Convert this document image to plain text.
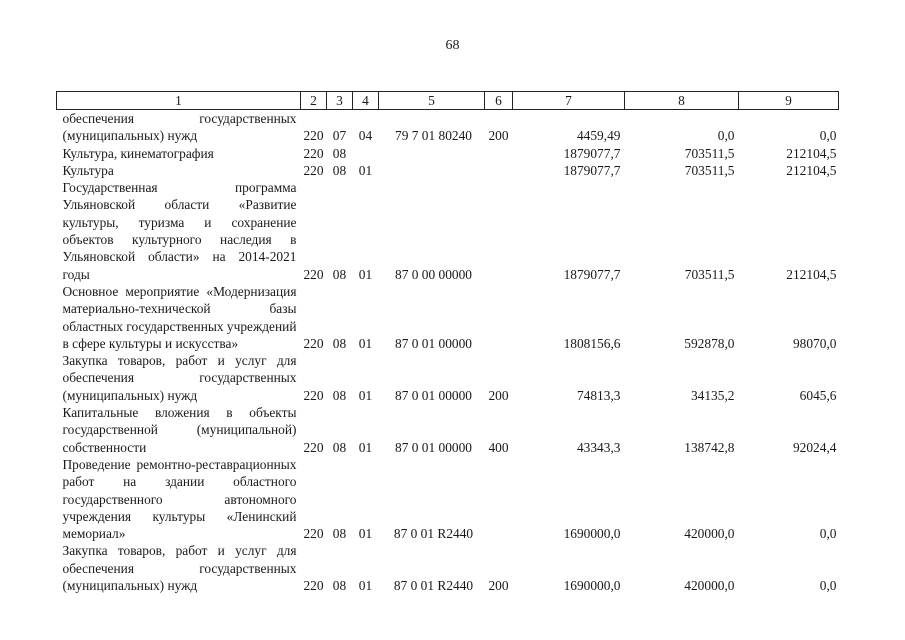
68
1	2	3	4	5	6	7	8	9
обеспечения государственных (муниципальных) нужд	220	07	04	79 7 01 80240	200	4459,49	0,0	0,0
Культура, кинематография	220	08				1879077,7	703511,5	212104,5
Культура	220	08	01			1879077,7	703511,5	212104,5
Государственная программа Ульяновской области «Развитие культуры, туризма и сохранение объектов культурного наследия в Ульяновской области» на 2014-2021 годы	220	08	01	87 0 00 00000		1879077,7	703511,5	212104,5
Основное мероприятие «Модернизация материально-технической базы областных государственных учреждений в сфере культуры и искусства»	220	08	01	87 0 01 00000		1808156,6	592878,0	98070,0
Закупка товаров, работ и услуг для обеспечения государственных (муниципальных) нужд	220	08	01	87 0 01 00000	200	74813,3	34135,2	6045,6
Капитальные вложения в объекты государственной (муниципальной) собственности	220	08	01	87 0 01 00000	400	43343,3	138742,8	92024,4
Проведение ремонтно-реставрационных работ на здании областного государственного автономного учреждения культуры «Ленинский мемориал»	220	08	01	87 0 01 R2440		1690000,0	420000,0	0,0
Закупка товаров, работ и услуг для обеспечения государственных (муниципальных) нужд	220	08	01	87 0 01 R2440	200	1690000,0	420000,0	0,0
